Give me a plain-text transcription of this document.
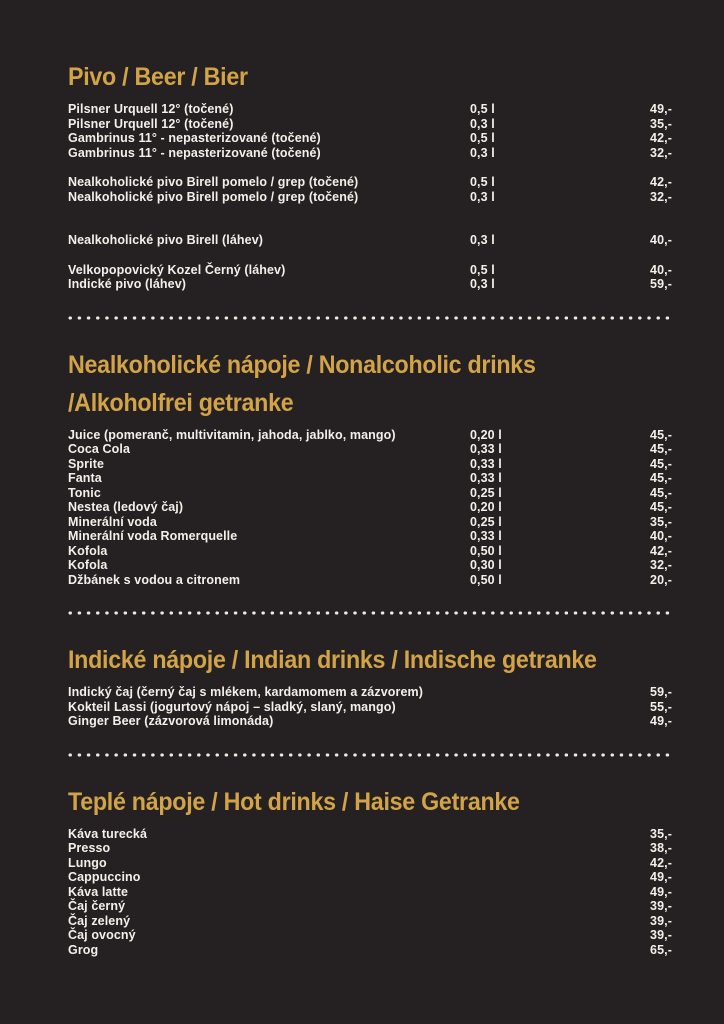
Pivo / Beer / Bier
Pilsner Urquell 12° (točené)	0,5 l	49,-
Pilsner Urquell 12° (točené)	0,3 l	35,-
Gambrinus 11° - nepasterizované (točené)	0,5 l	42,-
Gambrinus 11° - nepasterizované (točené)	0,3 l	32,-
Nealkoholické pivo Birell pomelo / grep (točené)	0,5 l	42,-
Nealkoholické pivo Birell pomelo / grep (točené)	0,3 l	32,-
Nealkoholické pivo Birell (láhev)	0,3 l	40,-
Velkopopovický Kozel Černý (láhev)	0,5 l	40,-
Indické pivo (láhev)	0,3 l	59,-
Nealkoholické nápoje / Nonalcoholic drinks
/Alkoholfrei getranke
Juice (pomeranč, multivitamin, jahoda, jablko, mango)	0,20 l	45,-
Coca Cola	0,33 l	45,-
Sprite	0,33 l	45,-
Fanta	0,33 l	45,-
Tonic	0,25 l	45,-
Nestea (ledový čaj)	0,20 l	45,-
Minerální voda	0,25 l	35,-
Minerální voda Romerquelle	0,33 l	40,-
Kofola	0,50 l	42,-
Kofola	0,30 l	32,-
Džbánek s vodou a citronem	0,50 l	20,-
Indické nápoje / Indian drinks / Indische getranke
Indický čaj (černý čaj s mlékem, kardamomem a zázvorem)	59,-
Kokteil Lassi (jogurtový nápoj – sladký, slaný, mango)	55,-
Ginger Beer (zázvorová limonáda)	49,-
Teplé nápoje / Hot drinks / Haise Getranke
Káva turecká	35,-
Presso	38,-
Lungo	42,-
Cappuccino	49,-
Káva latte	49,-
Čaj černý	39,-
Čaj zelený	39,-
Čaj ovocný	39,-
Grog	65,-
